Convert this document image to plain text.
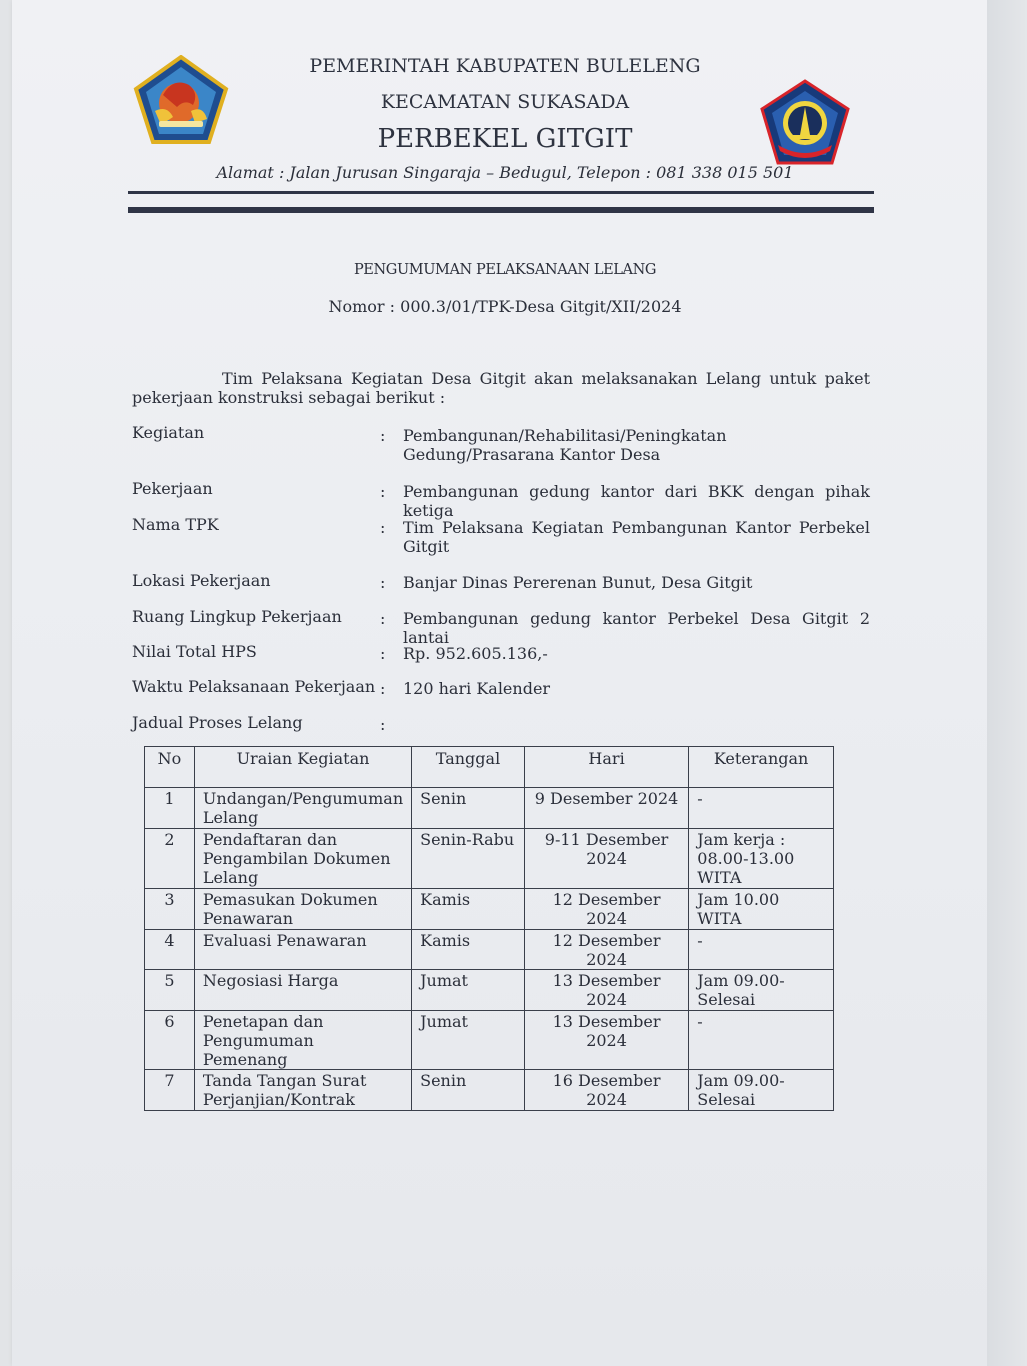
PEMERINTAH KABUPATEN BULELENG
KECAMATAN SUKASADA
PERBEKEL GITGIT
Alamat : Jalan Jurusan Singaraja – Bedugul, Telepon : 081 338 015 501
PENGUMUMAN PELAKSANAAN LELANG
Nomor : 000.3/01/TPK-Desa Gitgit/XII/2024
Tim Pelaksana Kegiatan Desa Gitgit akan melaksanakan Lelang untuk paket pekerjaan konstruksi sebagai berikut :
Kegiatan	: Pembangunan/Rehabilitasi/Peningkatan Gedung/Prasarana Kantor Desa
Pekerjaan	: Pembangunan gedung kantor dari BKK dengan pihak ketiga
Nama TPK	: Tim Pelaksana Kegiatan Pembangunan Kantor Perbekel Gitgit
Lokasi Pekerjaan	: Banjar Dinas Pererenan Bunut, Desa Gitgit
Ruang Lingkup Pekerjaan : Pembangunan gedung kantor Perbekel Desa Gitgit 2 lantai
Nilai Total HPS	: Rp. 952.605.136,-
Waktu Pelaksanaan Pekerjaan : 120 hari Kalender
Jadual Proses Lelang	:
No	Uraian Kegiatan	Tanggal	Hari	Keterangan
1	Undangan/Pengumuman Lelang	Senin	9 Desember 2024	-
2	Pendaftaran dan Pengambilan Dokumen Lelang	Senin-Rabu	9-11 Desember 2024	Jam kerja : 08.00-13.00 WITA
3	Pemasukan Dokumen Penawaran	Kamis	12 Desember 2024	Jam 10.00 WITA
4	Evaluasi Penawaran	Kamis	12 Desember 2024	-
5	Negosiasi Harga	Jumat	13 Desember 2024	Jam 09.00-Selesai
6	Penetapan dan Pengumuman Pemenang	Jumat	13 Desember 2024	-
7	Tanda Tangan Surat Perjanjian/Kontrak	Senin	16 Desember 2024	Jam 09.00-Selesai
